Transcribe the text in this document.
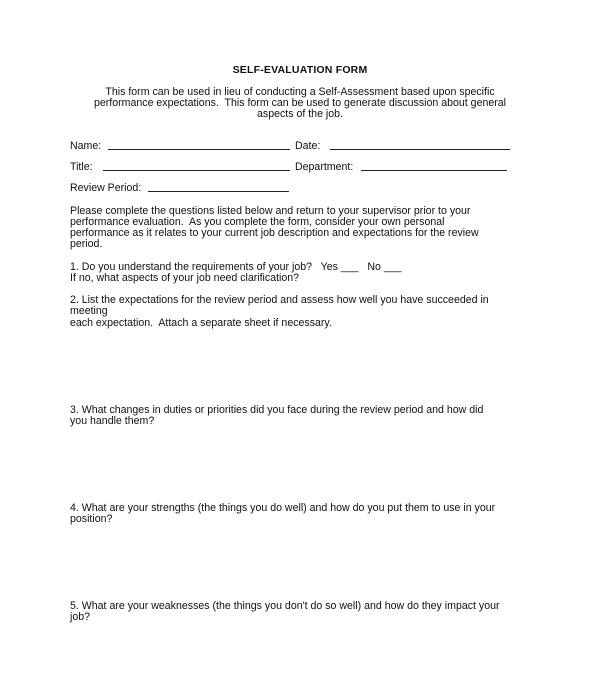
SELF-EVALUATION FORM
This form can be used in lieu of conducting a Self-Assessment based upon specific
performance expectations.  This form can be used to generate discussion about general
aspects of the job.
Name:	Date:
Title:	Department:
Review Period:
Please complete the questions listed below and return to your supervisor prior to your
performance evaluation.  As you complete the form, consider your own personal
performance as it relates to your current job description and expectations for the review
period.
1. Do you understand the requirements of your job?   Yes ___   No ___
If no, what aspects of your job need clarification?
2. List the expectations for the review period and assess how well you have succeeded in
meeting
each expectation.  Attach a separate sheet if necessary.
3. What changes in duties or priorities did you face during the review period and how did
you handle them?
4. What are your strengths (the things you do well) and how do you put them to use in your
position?
5. What are your weaknesses (the things you don't do so well) and how do they impact your
job?
